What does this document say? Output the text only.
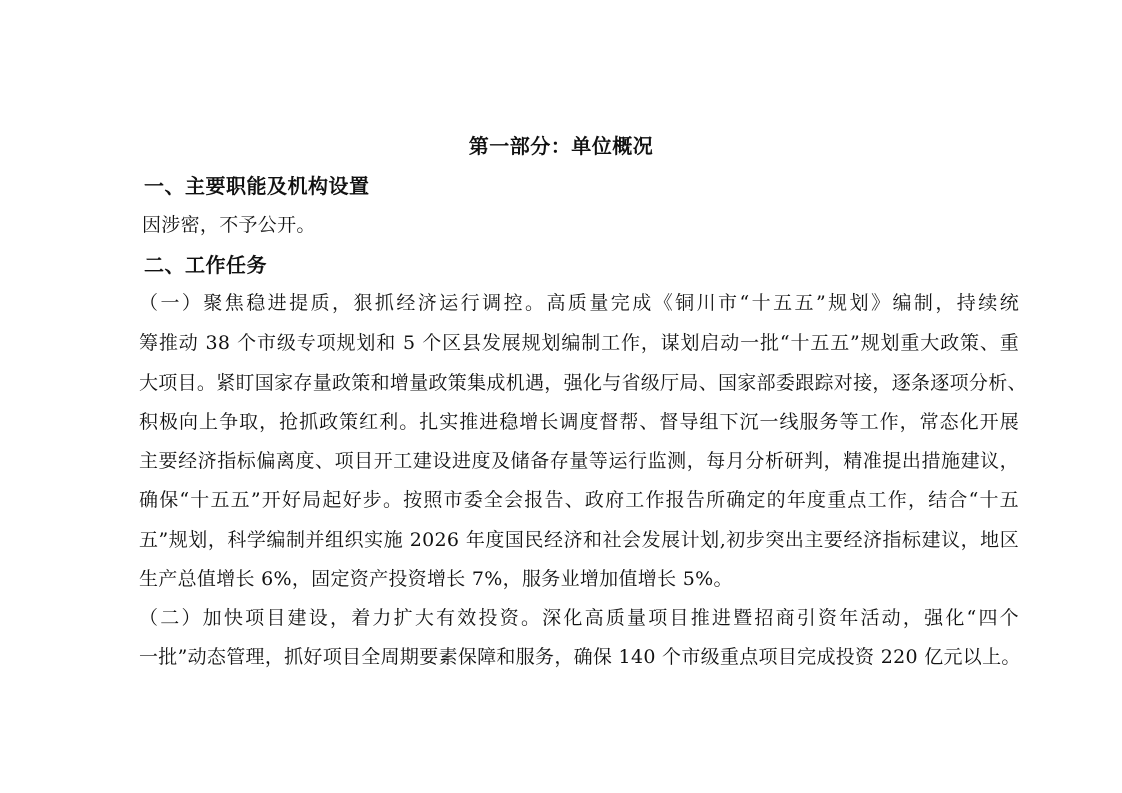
第一部分：单位概况
一、主要职能及机构设置
因涉密，不予公开。
二、工作任务
（一）聚焦稳进提质，狠抓经济运行调控。高质量完成《铜川市“十五五”规划》编制，持续统
筹推动 38 个市级专项规划和 5 个区县发展规划编制工作，谋划启动一批“十五五”规划重大政策、重
大项目。紧盯国家存量政策和增量政策集成机遇，强化与省级厅局、国家部委跟踪对接，逐条逐项分析、
积极向上争取，抢抓政策红利。扎实推进稳增长调度督帮、督导组下沉一线服务等工作，常态化开展
主要经济指标偏离度、项目开工建设进度及储备存量等运行监测，每月分析研判，精准提出措施建议，
确保“十五五”开好局起好步。按照市委全会报告、政府工作报告所确定的年度重点工作，结合“十五
五”规划，科学编制并组织实施 2026 年度国民经济和社会发展计划,初步突出主要经济指标建议，地区
生产总值增长 6%，固定资产投资增长 7%，服务业增加值增长 5%。
（二）加快项目建设，着力扩大有效投资。深化高质量项目推进暨招商引资年活动，强化“四个
一批”动态管理，抓好项目全周期要素保障和服务，确保 140 个市级重点项目完成投资 220 亿元以上。
